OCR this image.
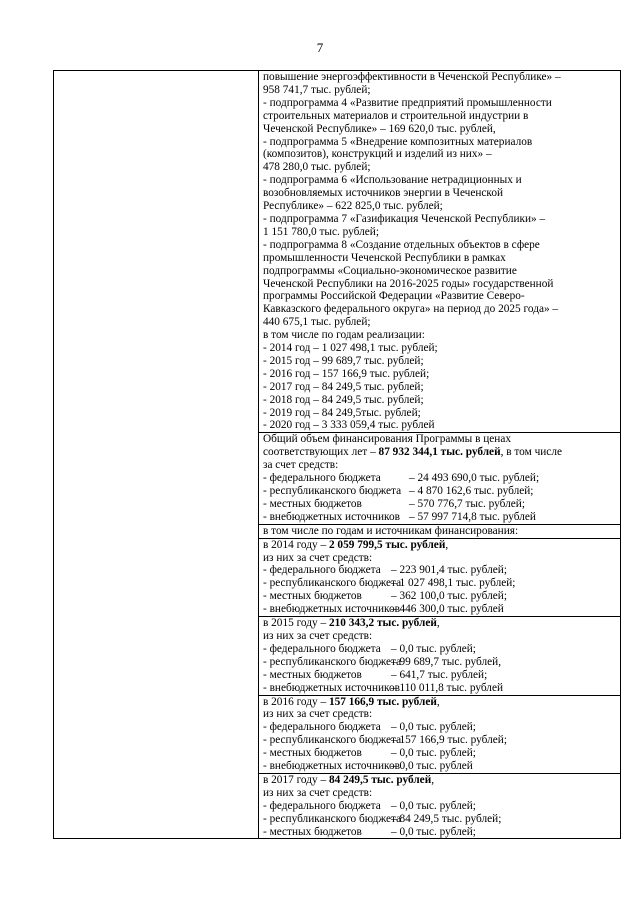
7

повышение энергоэффективности в Чеченской Республике» –
958 741,7 тыс. рублей;
- подпрограмма 4 «Развитие предприятий промышленности
строительных материалов и строительной индустрии в
Чеченской Республике» – 169 620,0 тыс. рублей,
- подпрограмма 5 «Внедрение композитных материалов
(композитов), конструкций и изделий из них» –
478 280,0 тыс. рублей;
- подпрограмма 6 «Использование нетрадиционных и
возобновляемых источников энергии в Чеченской
Республике» – 622 825,0 тыс. рублей;
- подпрограмма 7 «Газификация Чеченской Республики» –
1 151 780,0 тыс. рублей;
- подпрограмма 8 «Создание отдельных объектов в сфере
промышленности Чеченской Республики в рамках
подпрограммы «Социально-экономическое развитие
Чеченской Республики на 2016-2025 годы» государственной
программы Российской Федерации «Развитие Северо-
Кавказского федерального округа» на период до 2025 года» –
440 675,1 тыс. рублей;
в том числе по годам реализации:
- 2014 год – 1 027 498,1 тыс. рублей;
- 2015 год – 99 689,7 тыс. рублей;
- 2016 год – 157 166,9 тыс. рублей;
- 2017 год – 84 249,5 тыс. рублей;
- 2018 год – 84 249,5 тыс. рублей;
- 2019 год – 84 249,5тыс. рублей;
- 2020 год – 3 333 059,4 тыс. рублей

Общий объем финансирования Программы в ценах
соответствующих лет – 87 932 344,1 тыс. рублей, в том числе
за счет средств:
- федерального бюджета	– 24 493 690,0 тыс. рублей;
- республиканского бюджета – 4 870 162,6 тыс. рублей;
- местных бюджетов	– 570 776,7 тыс. рублей;
- внебюджетных источников – 57 997 714,8 тыс. рублей

в том числе по годам и источникам финансирования:

в 2014 году – 2 059 799,5 тыс. рублей,
из них за счет средств:
- федерального бюджета – 223 901,4 тыс. рублей;
- республиканского бюджета
– 1 027 498,1 тыс. рублей;
- местных бюджетов	– 362 100,0 тыс. рублей;
- внебюджетных источников
– 446 300,0 тыс. рублей

в 2015 году – 210 343,2 тыс. рублей,
из них за счет средств:
- федерального бюджета – 0,0 тыс. рублей;
- республиканского бюджета
– 99 689,7 тыс. рублей,
- местных бюджетов	– 641,7 тыс. рублей;
- внебюджетных источников
– 110 011,8 тыс. рублей

в 2016 году – 157 166,9 тыс. рублей,
из них за счет средств:
- федерального бюджета – 0,0 тыс. рублей;
- республиканского бюджета
– 157 166,9 тыс. рублей;
- местных бюджетов	– 0,0 тыс. рублей;
- внебюджетных источников
– 0,0 тыс. рублей

в 2017 году – 84 249,5 тыс. рублей,
из них за счет средств:
- федерального бюджета – 0,0 тыс. рублей;
- республиканского бюджета
– 84 249,5 тыс. рублей;
- местных бюджетов	– 0,0 тыс. рублей;
